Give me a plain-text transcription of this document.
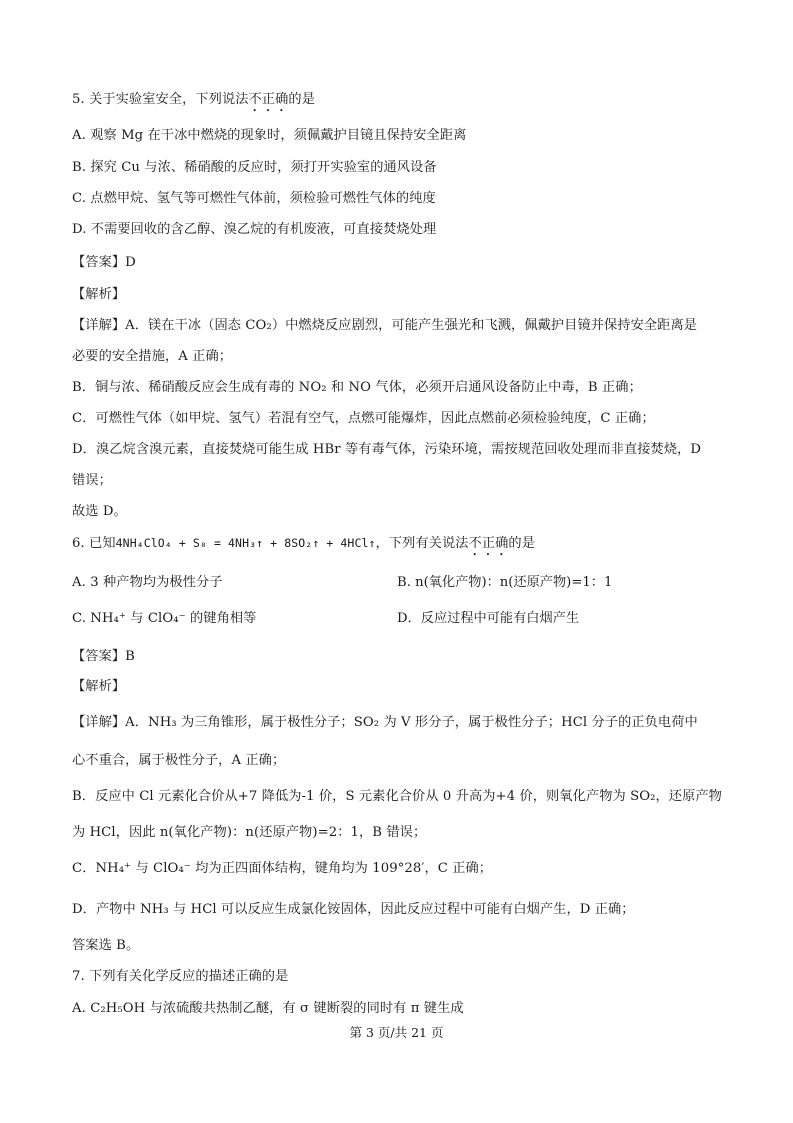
5. 关于实验室安全，下列说法不正确的是
A. 观察 Mg 在干冰中燃烧的现象时，须佩戴护目镜且保持安全距离
B. 探究 Cu 与浓、稀硝酸的反应时，须打开实验室的通风设备
C. 点燃甲烷、氢气等可燃性气体前，须检验可燃性气体的纯度
D. 不需要回收的含乙醇、溴乙烷的有机废液，可直接焚烧处理
【答案】D
【解析】
【详解】A．镁在干冰（固态 CO₂）中燃烧反应剧烈，可能产生强光和飞溅，佩戴护目镜并保持安全距离是
必要的安全措施，A 正确；
B．铜与浓、稀硝酸反应会生成有毒的 NO₂ 和 NO 气体，必须开启通风设备防止中毒，B 正确；
C．可燃性气体（如甲烷、氢气）若混有空气，点燃可能爆炸，因此点燃前必须检验纯度，C 正确；
D．溴乙烷含溴元素，直接焚烧可能生成 HBr 等有毒气体，污染环境，需按规范回收处理而非直接焚烧，D
错误；
故选 D。
6. 已知4NH₄ClO₄ + S₈ = 4NH₃↑ + 8SO₂↑ + 4HCl↑，下列有关说法不正确的是
A. 3 种产物均为极性分子	B. n(氧化产物)：n(还原产物)=1：1
C. NH₄⁺ 与 ClO₄⁻ 的键角相等	D．反应过程中可能有白烟产生
【答案】B
【解析】
【详解】A．NH₃ 为三角锥形，属于极性分子；SO₂ 为 V 形分子，属于极性分子；HCl 分子的正负电荷中
心不重合，属于极性分子，A 正确；
B．反应中 Cl 元素化合价从+7 降低为-1 价，S 元素化合价从 0 升高为+4 价，则氧化产物为 SO₂，还原产物
为 HCl，因此 n(氧化产物)：n(还原产物)=2：1，B 错误；
C．NH₄⁺ 与 ClO₄⁻ 均为正四面体结构，键角均为 109°28′，C 正确；
D．产物中 NH₃ 与 HCl 可以反应生成氯化铵固体，因此反应过程中可能有白烟产生，D 正确；
答案选 B。
7. 下列有关化学反应的描述正确的是
A. C₂H₅OH 与浓硫酸共热制乙醚，有 σ 键断裂的同时有 π 键生成
第 3 页/共 21 页
